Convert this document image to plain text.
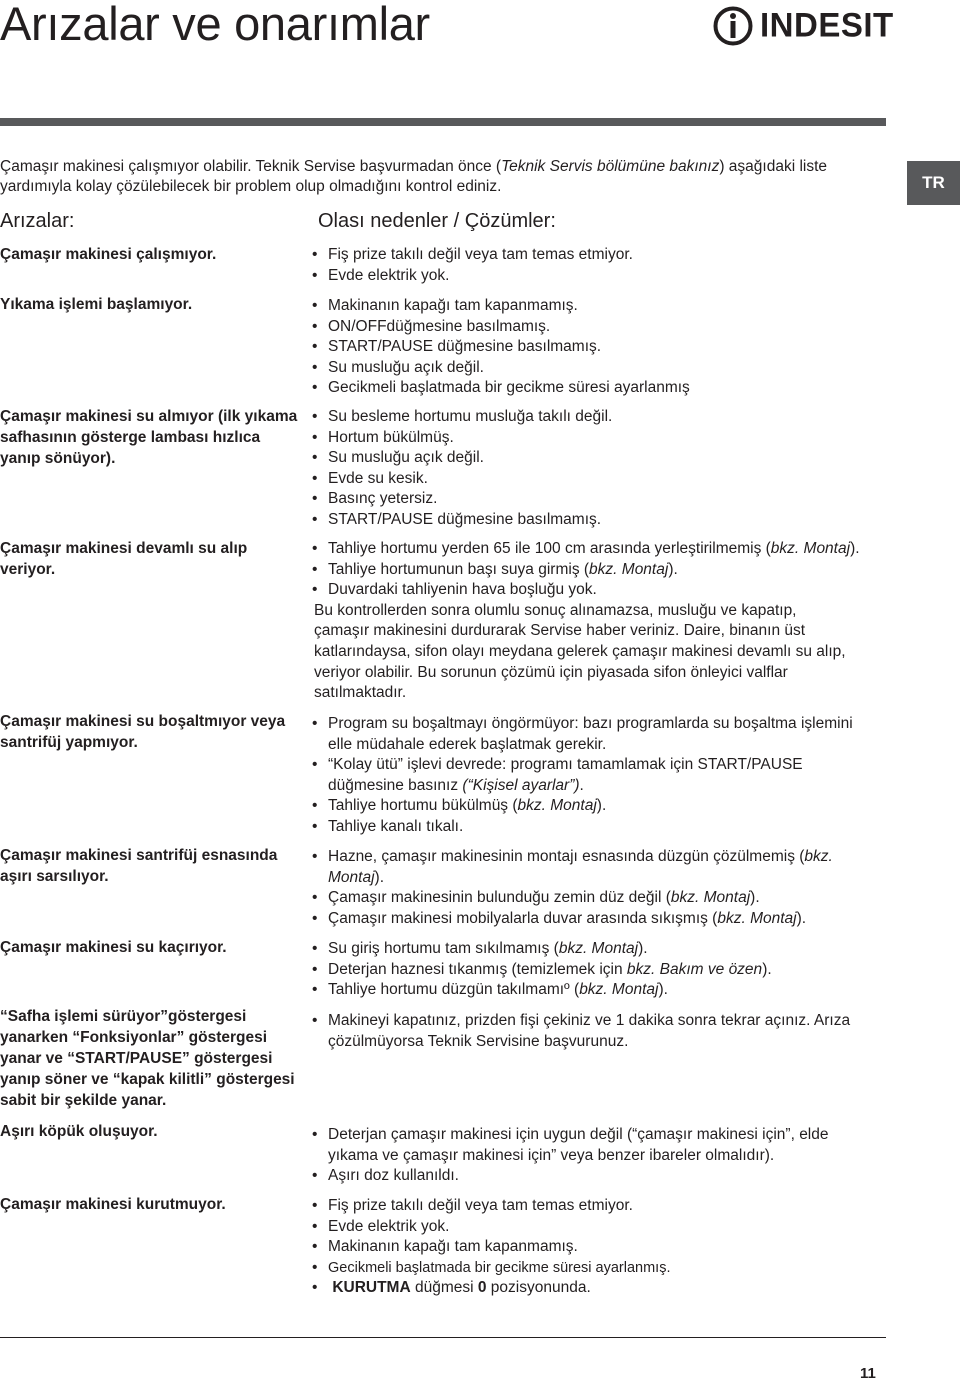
Arızalar ve onarımlar	INDESIT
TR
Çamaşır makinesi çalışmıyor olabilir. Teknik Servise başvurmadan önce (Teknik Servis bölümüne bakınız) aşağıdaki liste yardımıyla kolay çözülebilecek bir problem olup olmadığını kontrol ediniz.
Arızalar:	Olası nedenler / Çözümler:
Çamaşır makinesi çalışmıyor.	• Fiş prize takılı değil veya tam temas etmiyor.
• Evde elektrik yok.
Yıkama işlemi başlamıyor.	• Makinanın kapağı tam kapanmamış.
• ON/OFFdüğmesine basılmamış.
• START/PAUSE düğmesine basılmamış.
• Su musluğu açık değil.
• Gecikmeli başlatmada bir gecikme süresi ayarlanmış
Çamaşır makinesi su almıyor (ilk yıkama safhasının gösterge lambası hızlıca yanıp sönüyor).
• Su besleme hortumu musluğa takılı değil.
• Hortum bükülmüş.
• Su musluğu açık değil.
• Evde su kesik.
• Basınç yetersiz.
• START/PAUSE düğmesine basılmamış.
Çamaşır makinesi devamlı su alıp veriyor.
• Tahliye hortumu yerden 65 ile 100 cm arasında yerleştirilmemiş (bkz. Montaj).
• Tahliye hortumunun başı suya girmiş (bkz. Montaj).
• Duvardaki tahliyenin hava boşluğu yok.
Bu kontrollerden sonra olumlu sonuç alınamazsa, musluğu ve kapatıp, çamaşır makinesini durdurarak Servise haber veriniz. Daire, binanın üst katlarındaysa, sifon olayı meydana gelerek çamaşır makinesi devamlı su alıp, veriyor olabilir. Bu sorunun çözümü için piyasada sifon önleyici valflar satılmaktadır.
Çamaşır makinesi su boşaltmıyor veya santrifüj yapmıyor.
• Program su boşaltmayı öngörmüyor: bazı programlarda su boşaltma işlemini elle müdahale ederek başlatmak gerekir.
• “Kolay ütü” işlevi devrede: programı tamamlamak için START/PAUSE düğmesine basınız (“Kişisel ayarlar”).
• Tahliye hortumu bükülmüş (bkz. Montaj).
• Tahliye kanalı tıkalı.
Çamaşır makinesi santrifüj esnasında aşırı sarsılıyor.
• Hazne, çamaşır makinesinin montajı esnasında düzgün çözülmemiş (bkz. Montaj).
• Çamaşır makinesinin bulunduğu zemin düz değil (bkz. Montaj).
• Çamaşır makinesi mobilyalarla duvar arasında sıkışmış (bkz. Montaj).
Çamaşır makinesi su kaçırıyor.	• Su giriş hortumu tam sıkılmamış (bkz. Montaj).
• Deterjan haznesi tıkanmış (temizlemek için bkz. Bakım ve özen).
• Tahliye hortumu düzgün takılmamıº (bkz. Montaj).
“Safha işlemi sürüyor”göstergesi yanarken “Fonksiyonlar” göstergesi yanar ve “START/PAUSE” göstergesi yanıp söner ve “kapak kilitli” göstergesi sabit bir şekilde yanar.
• Makineyi kapatınız, prizden fişi çekiniz ve 1 dakika sonra tekrar açınız. Arıza çözülmüyorsa Teknik Servisine başvurunuz.
Aşırı köpük oluşuyor.	• Deterjan çamaşır makinesi için uygun değil (“çamaşır makinesi için”, elde yıkama ve çamaşır makinesi için” veya benzer ibareler olmalıdır).
• Aşırı doz kullanıldı.
Çamaşır makinesi kurutmuyor.	• Fiş prize takılı değil veya tam temas etmiyor.
• Evde elektrik yok.
• Makinanın kapağı tam kapanmamış.
• Gecikmeli başlatmada bir gecikme süresi ayarlanmış.
• KURUTMA düğmesi 0 pozisyonunda.
11
